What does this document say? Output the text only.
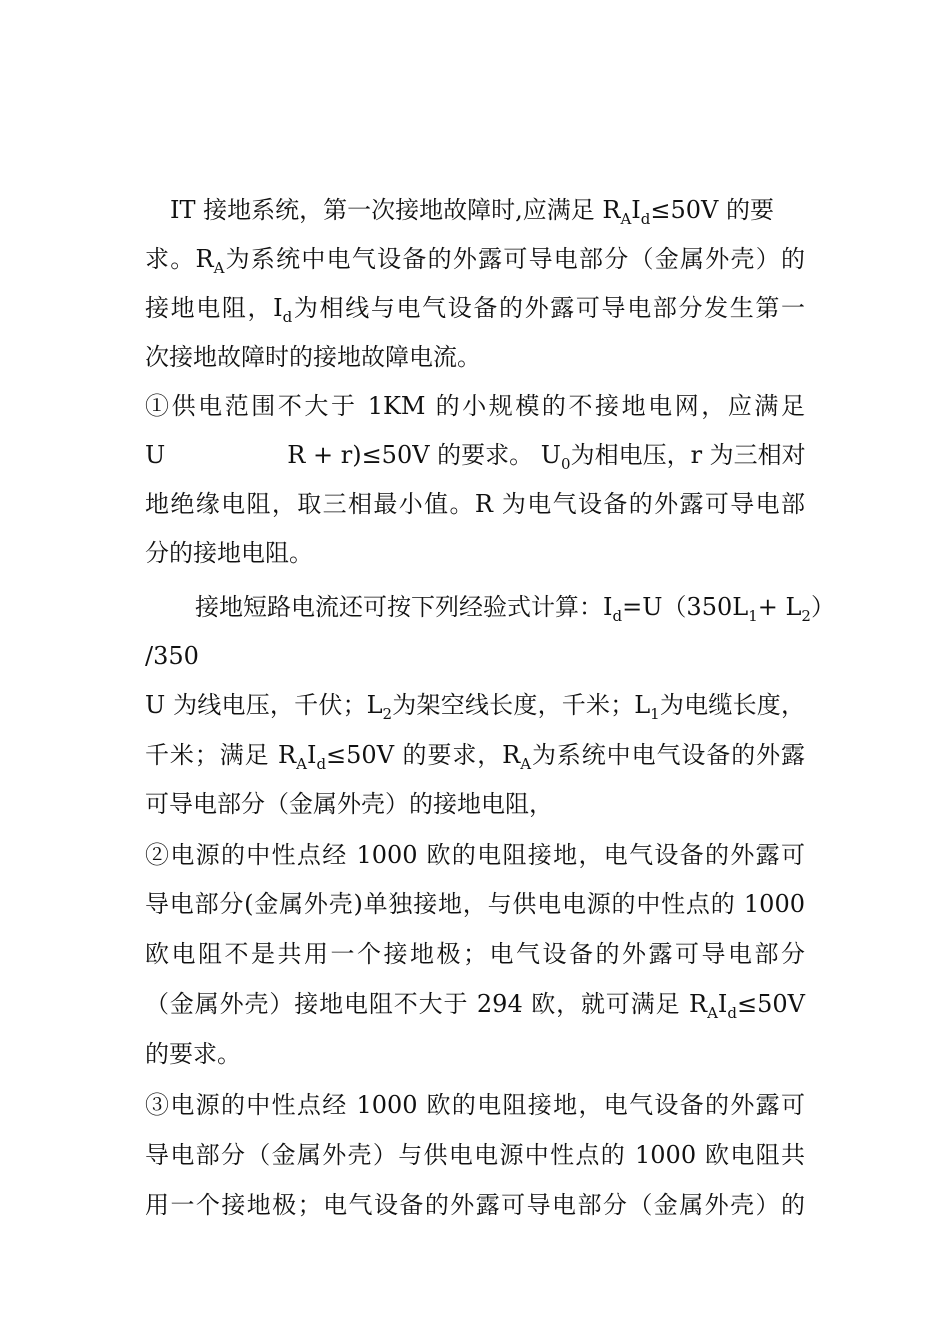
IT 接地系统，第一次接地故障时,应满足 $R_AI_d\le 50V$ 的要
求。$R_A$为系统中电气设备的外露可导电部分（金属外壳）的
接地电阻，$I_d$为相线与电气设备的外露可导电部分发生第一
次接地故障时的接地故障电流。
①供电范围不大于 1KM 的小规模的不接地电网，应满足
U                R + r)≤50V 的要求。 $U_0$为相电压，r 为三相对
地绝缘电阻，取三相最小值。R 为电气设备的外露可导电部
分的接地电阻。
接地短路电流还可按下列经验式计算：$I_d=U(350L_1+ L_2)$
/350
U 为线电压，千伏；$L_2$为架空线长度，千米；$L_1$为电缆长度，
千米；满足 $R_AI_d\le 50V$ 的要求，$R_A$为系统中电气设备的外露
可导电部分（金属外壳）的接地电阻，
②电源的中性点经 1000 欧的电阻接地，电气设备的外露可
导电部分(金属外壳)单独接地，与供电电源的中性点的 1000
欧电阻不是共用一个接地极；电气设备的外露可导电部分
（金属外壳）接地电阻不大于 294 欧，就可满足 $R_AI_d\le 50V$
的要求。
③电源的中性点经 1000 欧的电阻接地，电气设备的外露可
导电部分（金属外壳）与供电电源中性点的 1000 欧电阻共
用一个接地极；电气设备的外露可导电部分（金属外壳）的
